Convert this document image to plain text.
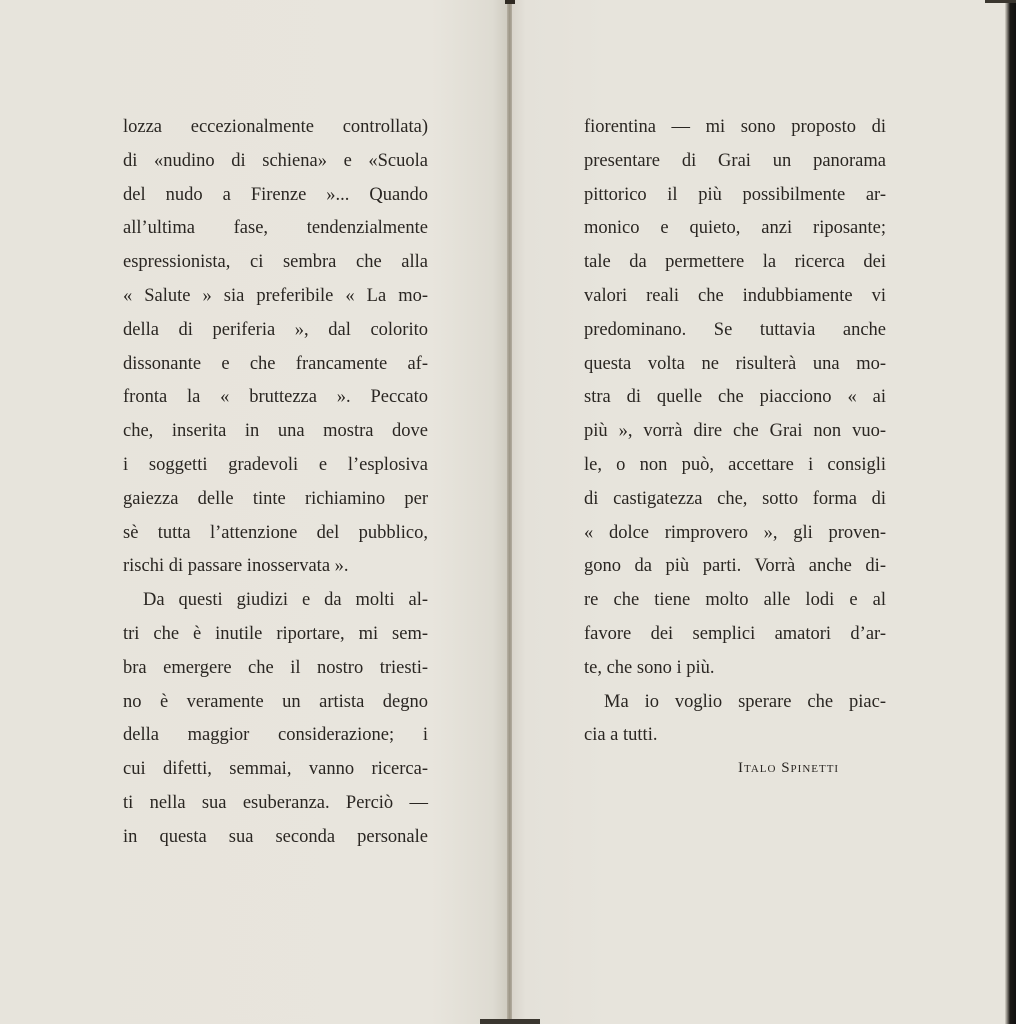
lozza eccezionalmente controllata)
di «nudino di schiena» e «Scuola
del nudo a Firenze »... Quando
all’ultima fase, tendenzialmente
espressionista, ci sembra che alla
« Salute » sia preferibile « La mo-
della di periferia », dal colorito
dissonante e che francamente af-
fronta la « bruttezza ». Peccato
che, inserita in una mostra dove
i soggetti gradevoli e l’esplosiva
gaiezza delle tinte richiamino per
sè tutta l’attenzione del pubblico,
rischi di passare inosservata ».
Da questi giudizi e da molti al-
tri che è inutile riportare, mi sem-
bra emergere che il nostro triesti-
no è veramente un artista degno
della maggior considerazione; i
cui difetti, semmai, vanno ricerca-
ti nella sua esuberanza. Perciò —
in questa sua seconda personale
fiorentina — mi sono proposto di
presentare di Grai un panorama
pittorico il più possibilmente ar-
monico e quieto, anzi riposante;
tale da permettere la ricerca dei
valori reali che indubbiamente vi
predominano. Se tuttavia anche
questa volta ne risulterà una mo-
stra di quelle che piacciono « ai
più », vorrà dire che Grai non vuo-
le, o non può, accettare i consigli
di castigatezza che, sotto forma di
« dolce rimprovero », gli proven-
gono da più parti. Vorrà anche di-
re che tiene molto alle lodi e al
favore dei semplici amatori d’ar-
te, che sono i più.
Ma io voglio sperare che piac-
cia a tutti.
Italo Spinetti
